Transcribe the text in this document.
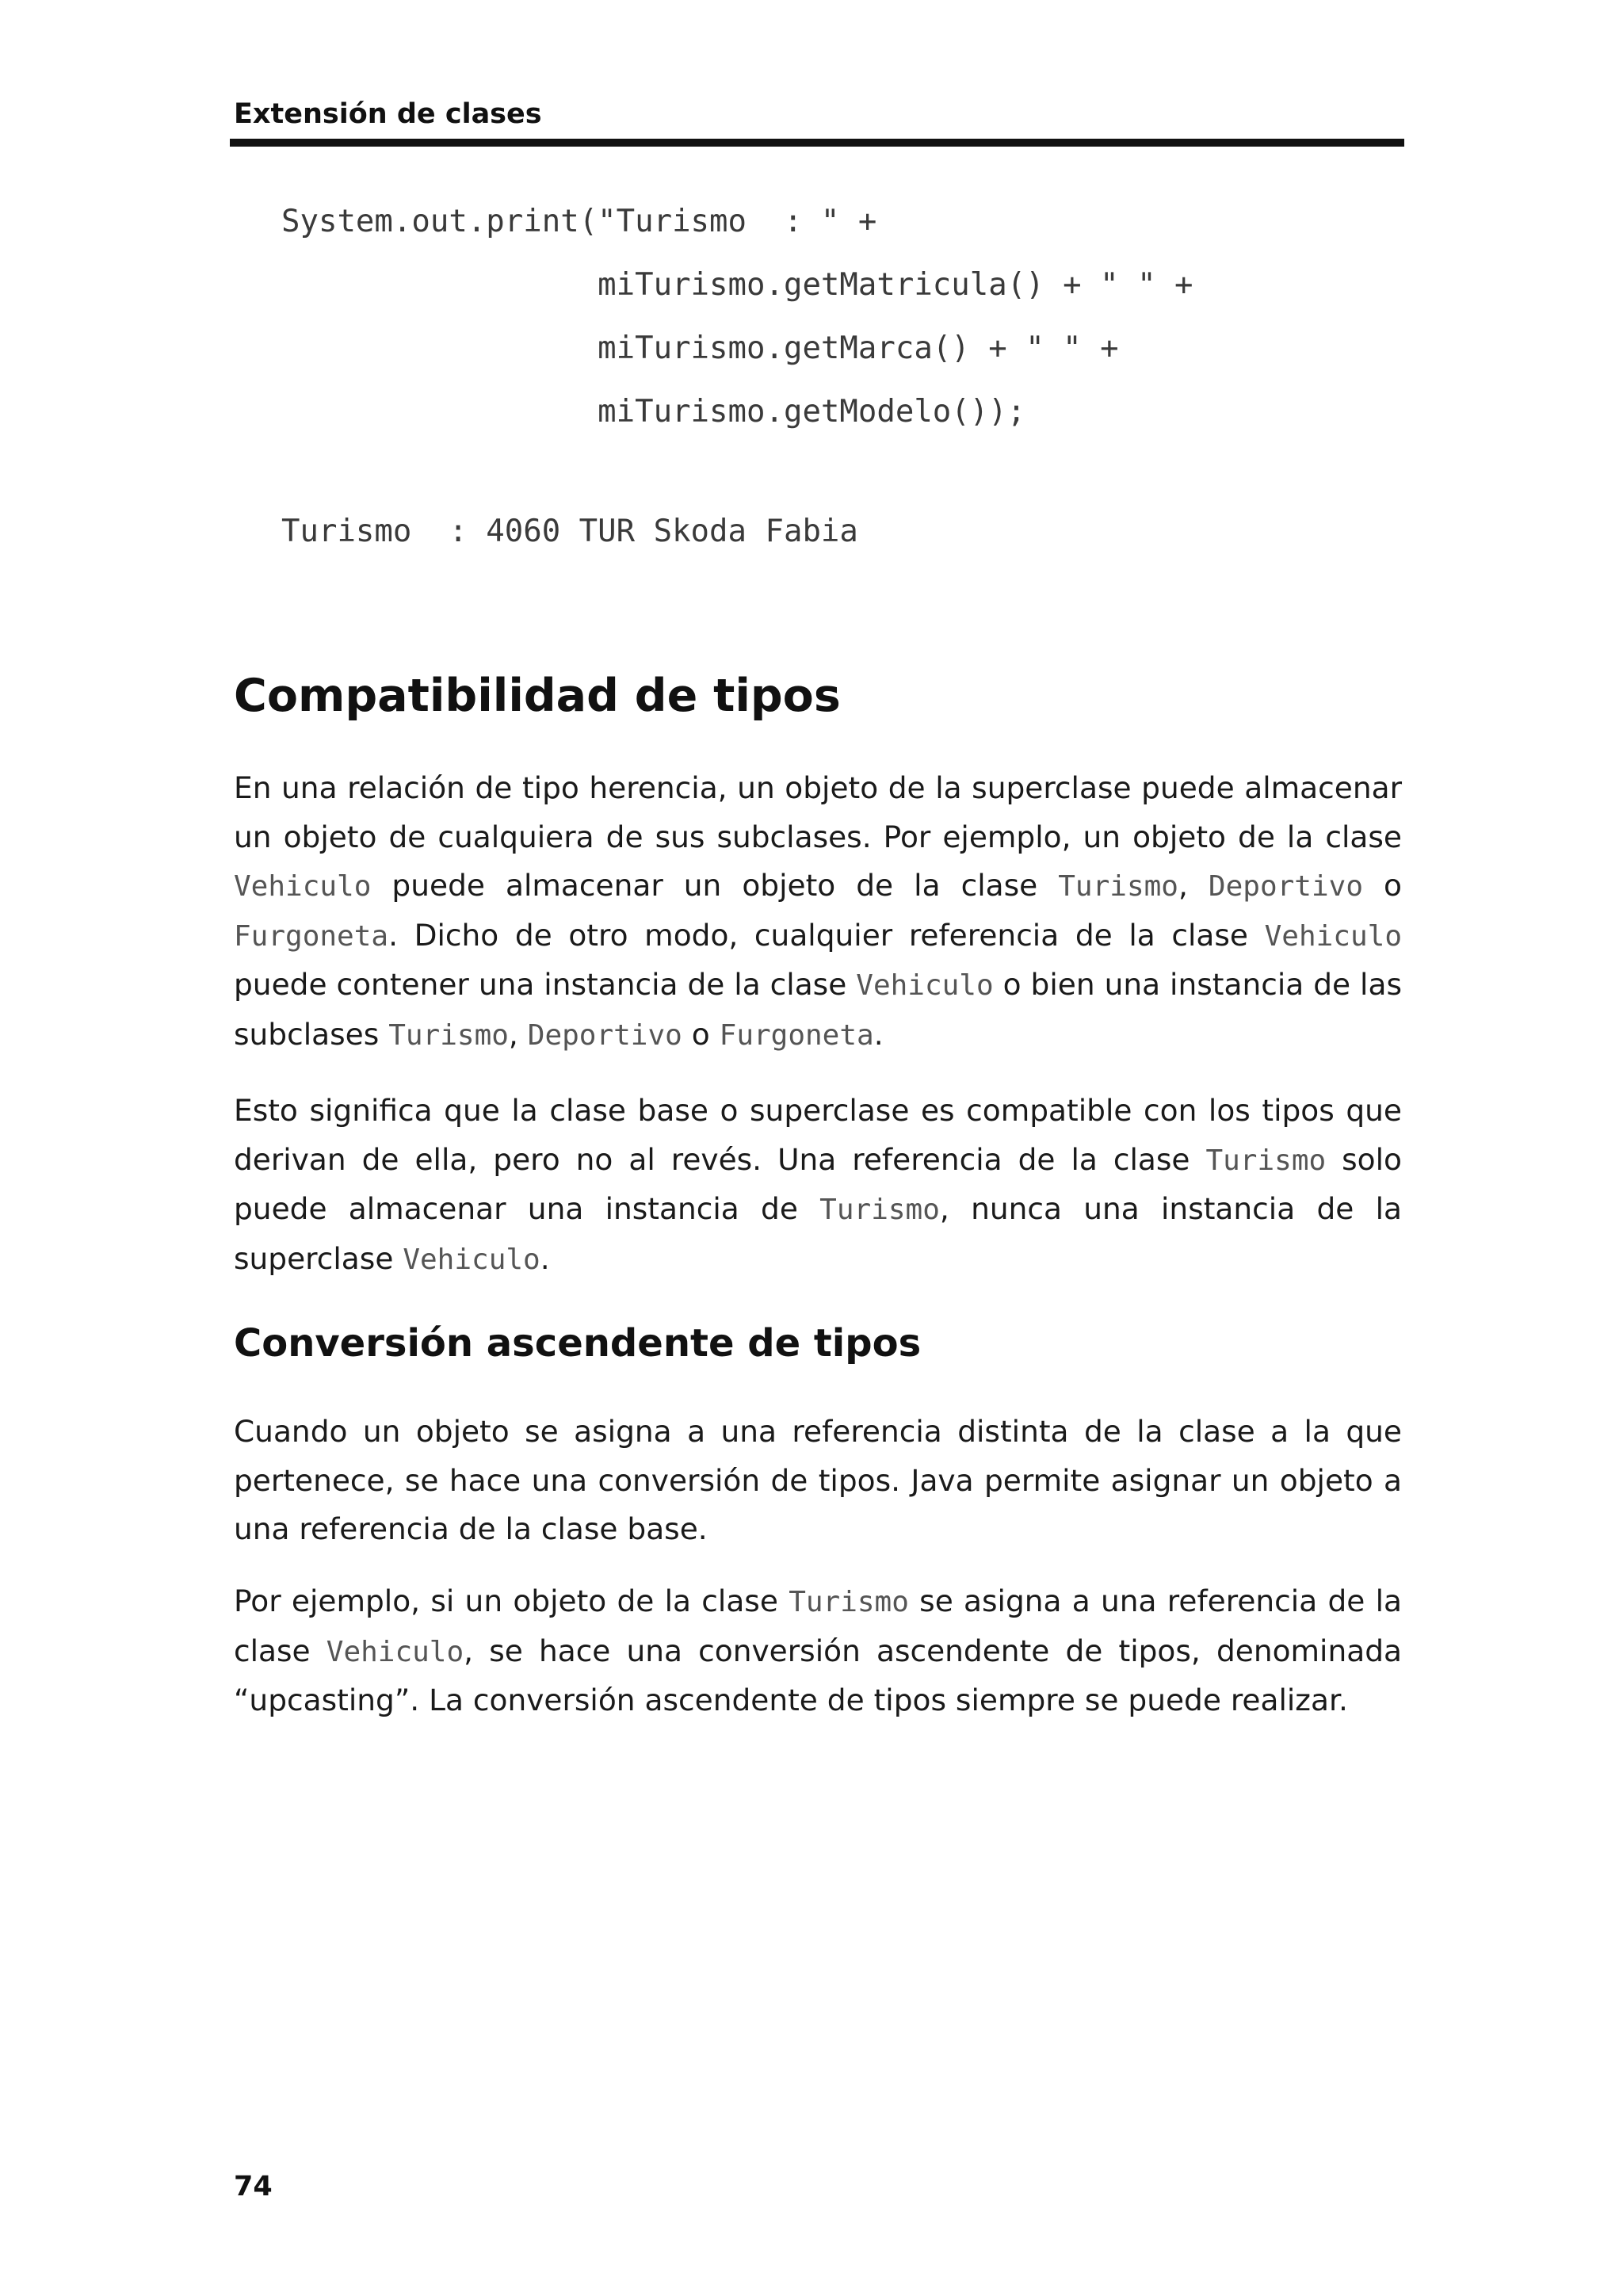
Extensión de clases
System.out.print("Turismo  : " +
miTurismo.getMatricula() + " " +
miTurismo.getMarca() + " " +
miTurismo.getModelo());
Turismo  : 4060 TUR Skoda Fabia
Compatibilidad de tipos

En una relación de tipo herencia, un objeto de la superclase puede almacenar un objeto de cualquiera de sus subclases. Por ejemplo, un objeto de la clase Vehiculo puede almacenar un objeto de la clase Turismo, Deportivo o Furgoneta. Dicho de otro modo, cualquier referencia de la clase Vehiculo puede contener una instancia de la clase Vehiculo o bien una instancia de las subclases Turismo, Deportivo o Furgoneta.

Esto significa que la clase base o superclase es compatible con los tipos que derivan de ella, pero no al revés. Una referencia de la clase Turismo solo puede almacenar una instancia de Turismo, nunca una instancia de la superclase Vehiculo.

Conversión ascendente de tipos

Cuando un objeto se asigna a una referencia distinta de la clase a la que pertenece, se hace una conversión de tipos. Java permite asignar un objeto a una referencia de la clase base.

Por ejemplo, si un objeto de la clase Turismo se asigna a una referencia de la clase Vehiculo, se hace una conversión ascendente de tipos, denominada “upcasting”. La conversión ascendente de tipos siempre se puede realizar.

74
